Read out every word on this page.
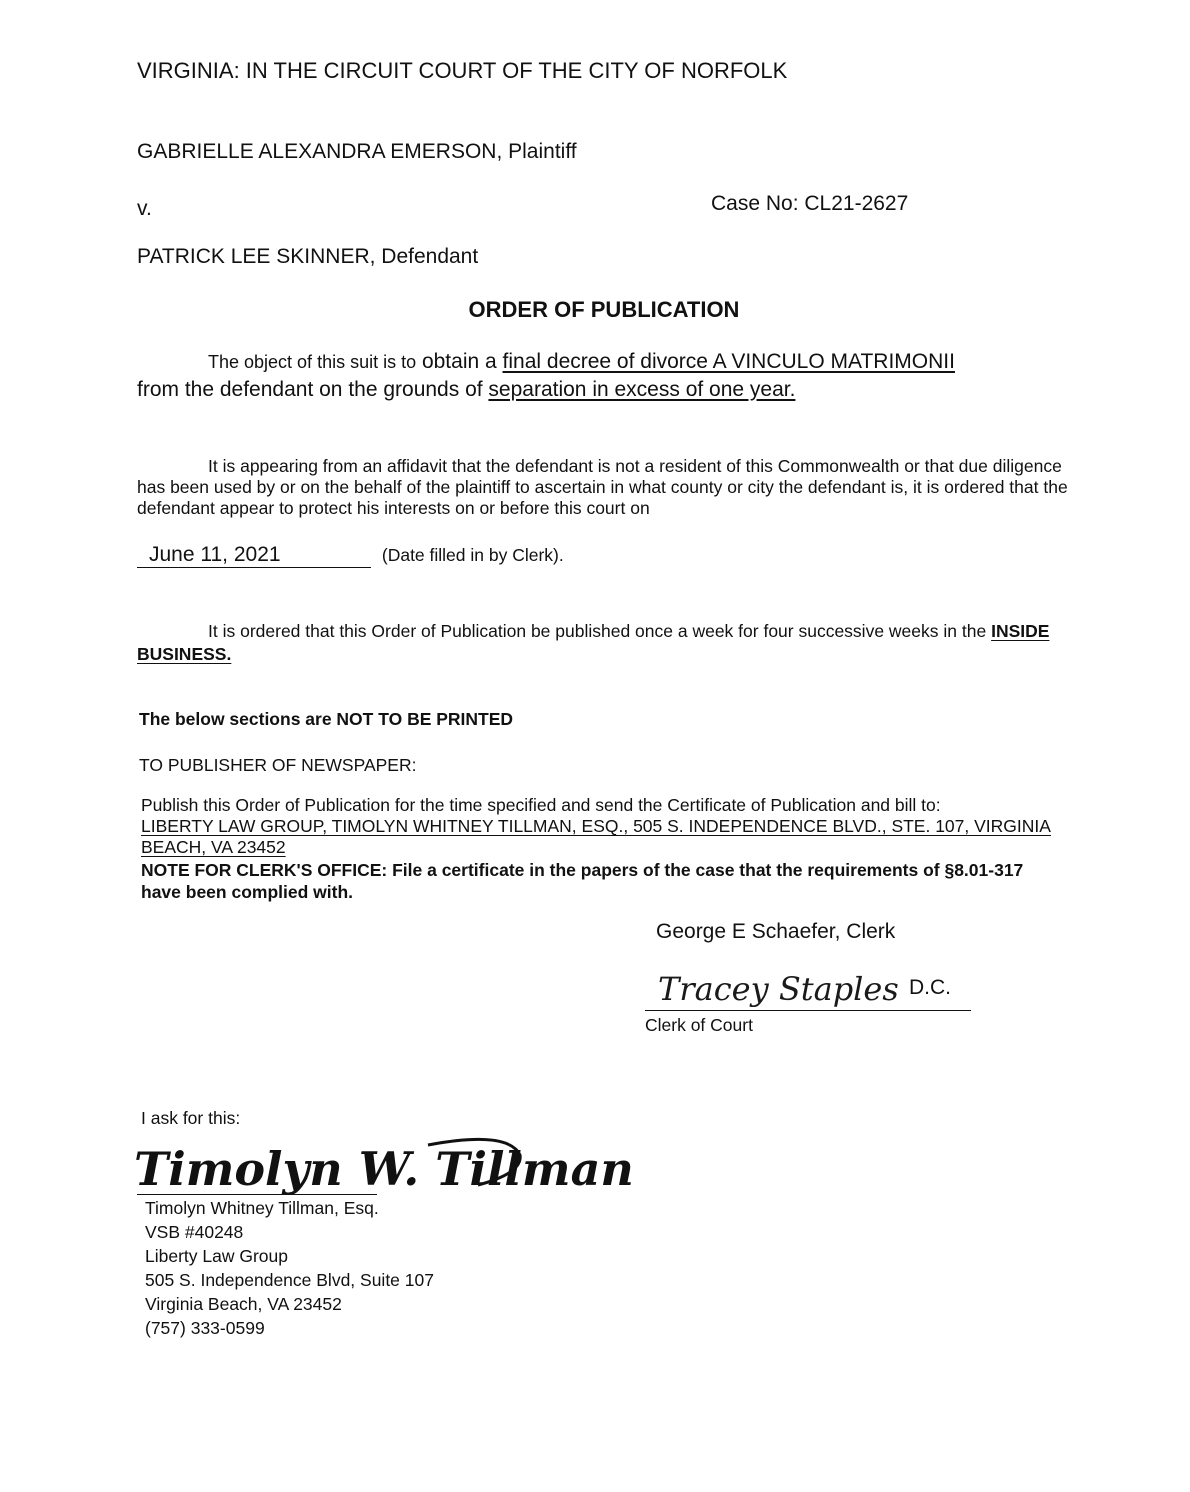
VIRGINIA: IN THE CIRCUIT COURT OF THE CITY OF NORFOLK
GABRIELLE ALEXANDRA EMERSON, Plaintiff
v.	Case No: CL21-2627
PATRICK LEE SKINNER, Defendant
ORDER OF PUBLICATION
The object of this suit is to obtain a final decree of divorce A VINCULO MATRIMONII
from the defendant on the grounds of separation in excess of one year.
It is appearing from an affidavit that the defendant is not a resident of this Commonwealth or that due diligence has been used by or on the behalf of the plaintiff to ascertain in what county or city the defendant is, it is ordered that the defendant appear to protect his interests on or before this court on
June 11, 2021	(Date filled in by Clerk).
It is ordered that this Order of Publication be published once a week for four successive weeks in the INSIDE BUSINESS.
The below sections are NOT TO BE PRINTED
TO PUBLISHER OF NEWSPAPER:
Publish this Order of Publication for the time specified and send the Certificate of Publication and bill to:
LIBERTY LAW GROUP, TIMOLYN WHITNEY TILLMAN, ESQ., 505 S. INDEPENDENCE BLVD., STE. 107, VIRGINIA BEACH, VA 23452
NOTE FOR CLERK'S OFFICE: File a certificate in the papers of the case that the requirements of §8.01-317 have been complied with.
George E Schaefer, Clerk
Tracey Staples D.C.
Clerk of Court
I ask for this:
Timolyn W. Tillman
Timolyn Whitney Tillman, Esq.
VSB #40248
Liberty Law Group
505 S. Independence Blvd, Suite 107
Virginia Beach, VA 23452
(757) 333-0599
